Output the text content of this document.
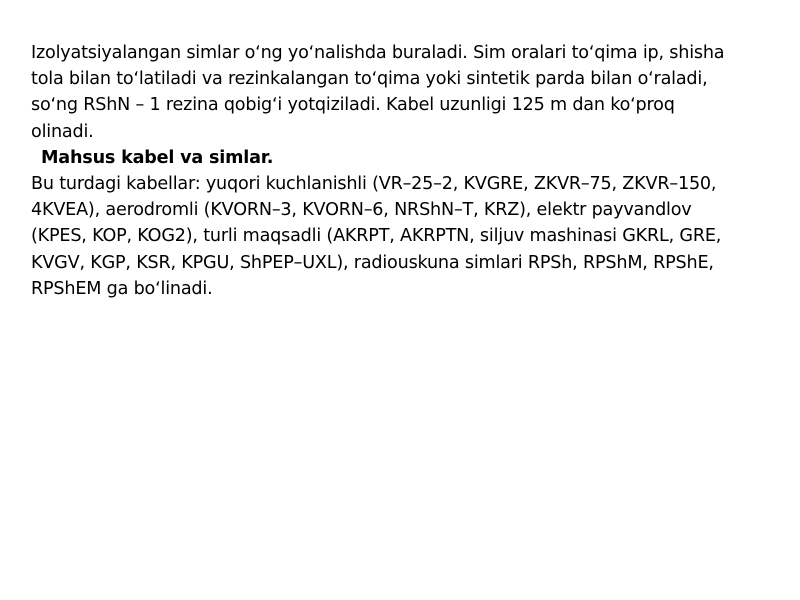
Izolyatsiyalangan simlar oʻng yoʻnalishda buraladi. Sim oralari toʻqima ip, shisha
tola bilan toʻlatiladi va rezinkalangan toʻqima yoki sintetik parda bilan oʻraladi,
soʻng RShN – 1 rezina qobigʻi yotqiziladi. Kabel uzunligi 125 m dan koʻproq
olinadi.

Mahsus kabel va simlar.

Bu turdagi kabellar: yuqori kuchlanishli (VR–25–2, KVGRE, ZKVR–75, ZKVR–150,
4KVEA), aerodromli (KVORN–3, KVORN–6, NRShN–T, KRZ), elektr payvandlov
(KPES, KOP, KOG2), turli maqsadli (AKRPT, AKRPTN, siljuv mashinasi GKRL, GRE,
KVGV, KGP, KSR, KPGU, ShPEP–UXL), radiouskuna simlari RPSh, RPShM, RPShE,
RPShEM ga boʻlinadi.
